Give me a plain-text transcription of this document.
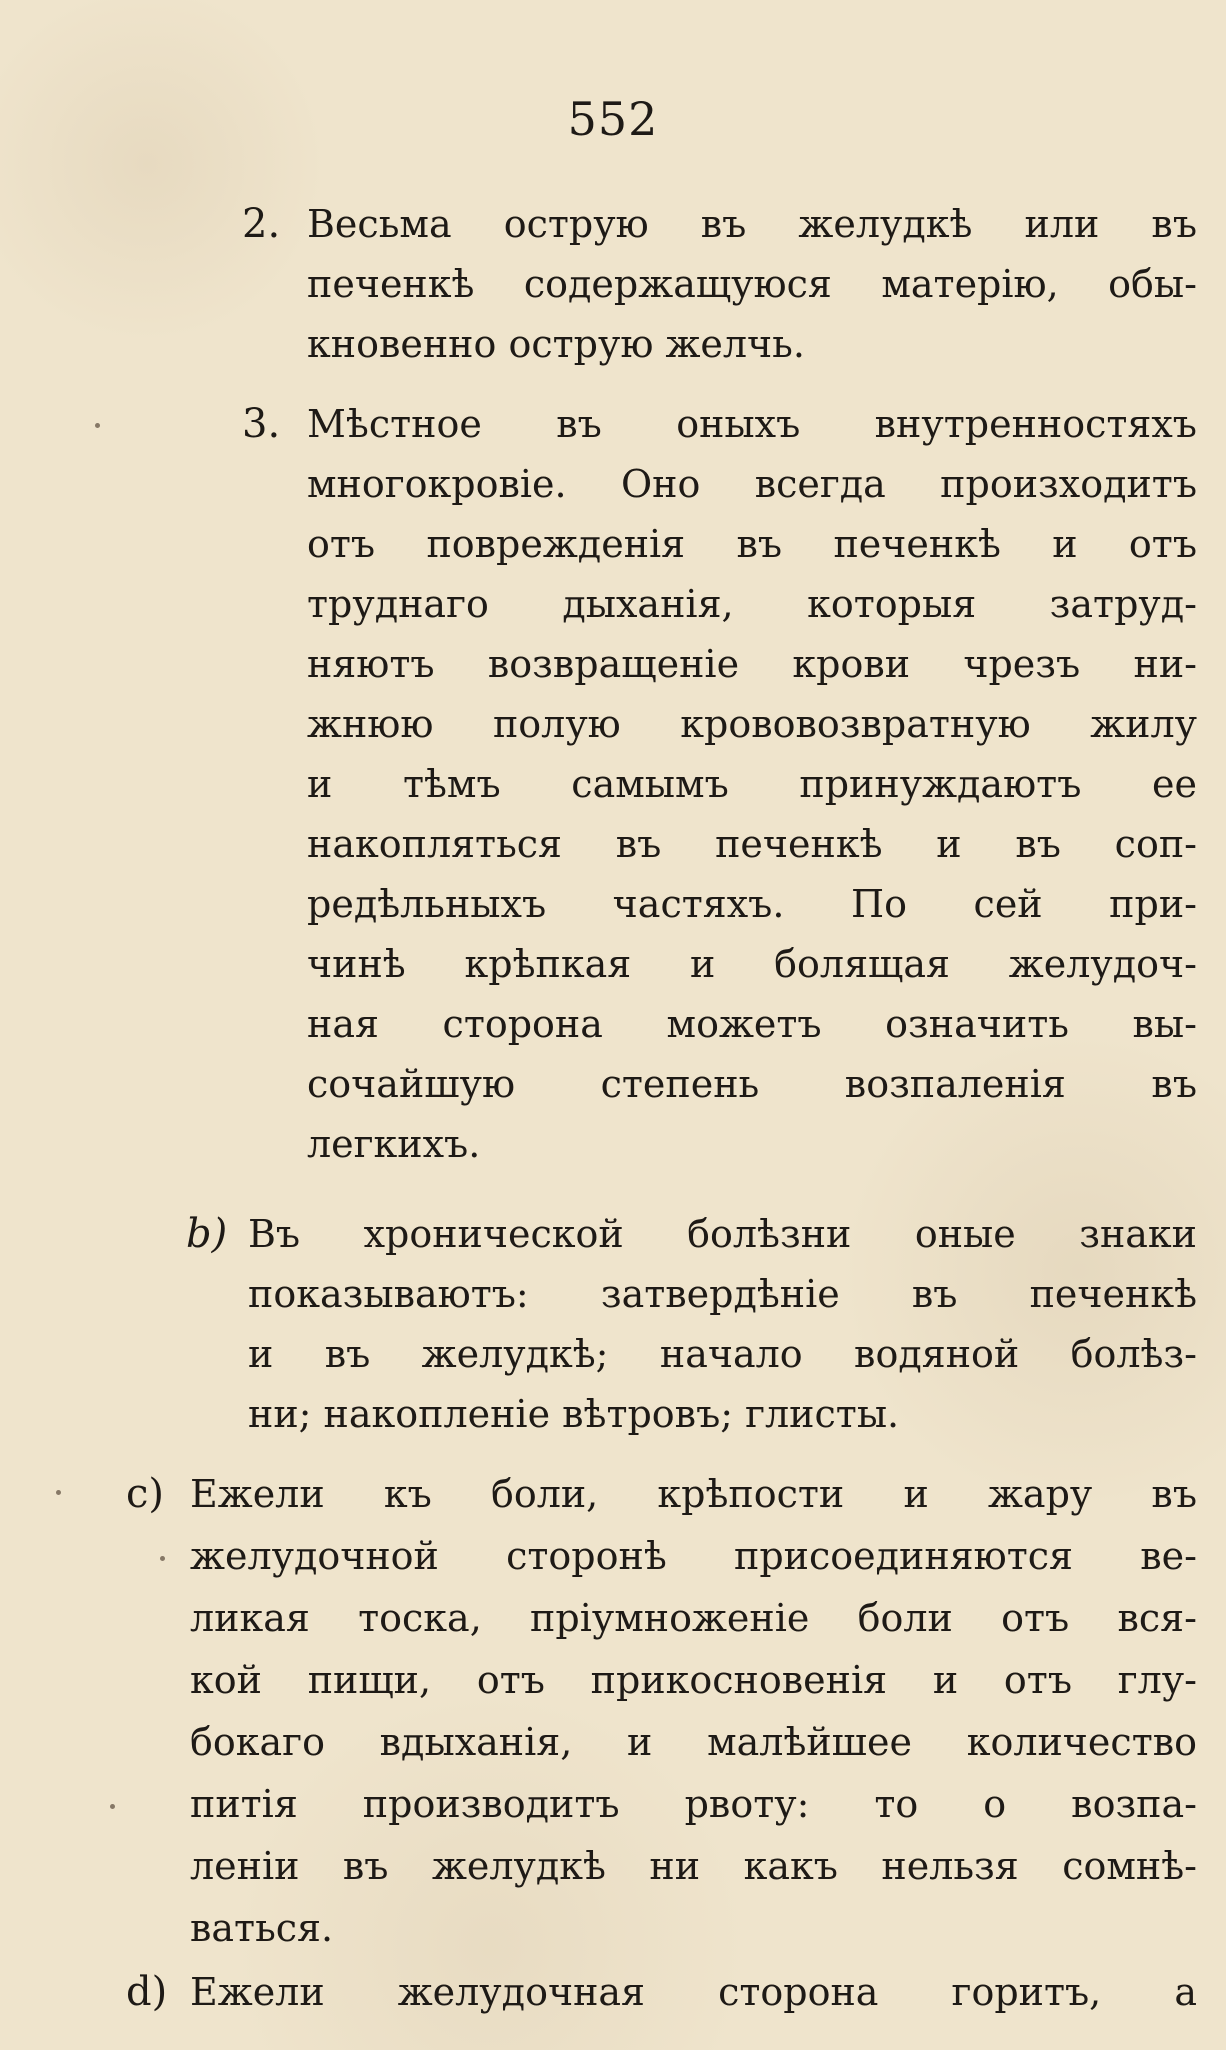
552
2. Весьма острую въ желудкѣ или въ
печенкѣ содержащуюся матерію, обы-
кновенно острую желчь.
3. Мѣстное въ оныхъ внутренностяхъ
многокровіе. Оно всегда произходитъ
отъ поврежденія въ печенкѣ и отъ
труднаго дыханія, которыя затруд-
няютъ возвращеніе крови чрезъ ни-
жнюю полую крововозвратную жилу
и тѣмъ самымъ принуждаютъ ее
накопляться въ печенкѣ и въ соп-
редѣльныхъ частяхъ. По сей при-
чинѣ крѣпкая и болящая желудоч-
ная сторона можетъ означить вы-
сочайшую степень возпаленія въ
легкихъ.
b) Въ хронической болѣзни оные знаки
показываютъ: затвердѣніе въ печенкѣ
и въ желудкѣ; начало водяной болѣз-
ни; накопленіе вѣтровъ; глисты.
c) Ежели къ боли, крѣпости и жару въ
желудочной сторонѣ присоединяются ве-
ликая тоска, пріумноженіе боли отъ вся-
кой пищи, отъ прикосновенія и отъ глу-
бокаго вдыханія, и малѣйшее количество
питія производитъ рвоту: то о возпа-
леніи въ желудкѣ ни какъ нельзя сомнѣ-
ваться.
d) Ежели желудочная сторона горитъ, а
